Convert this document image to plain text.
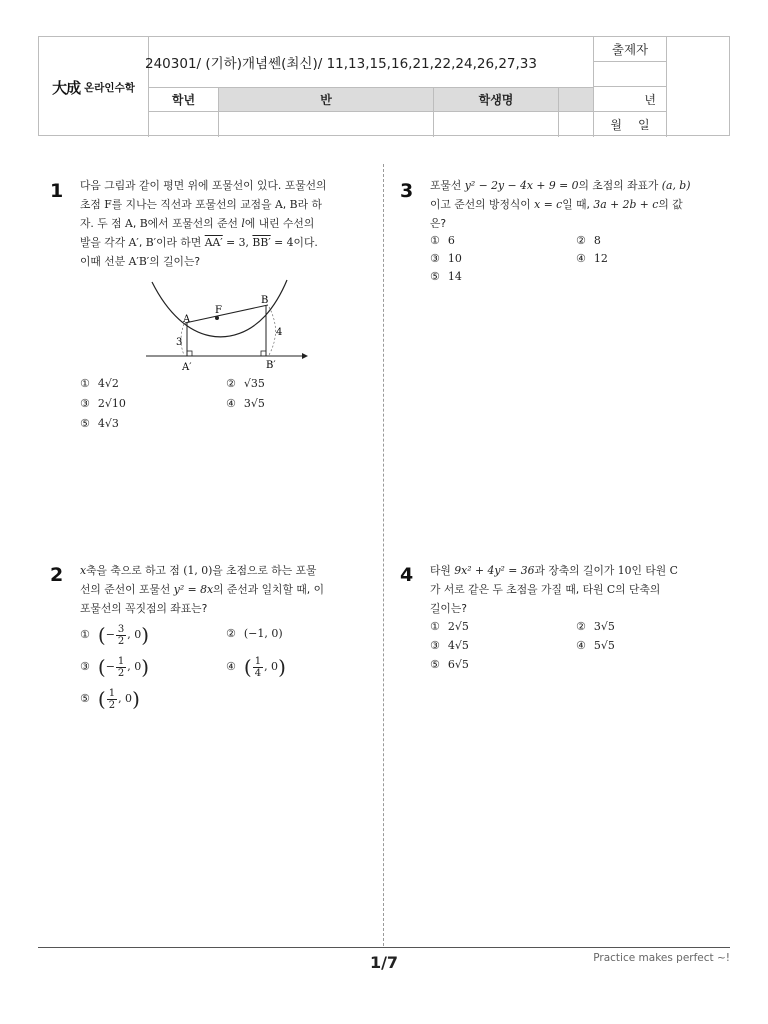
大成 온라인수학
240301/ (기하)개념쎈(최신)/ 11,13,15,16,21,22,24,26,27,33
학년	반	학생명
출제자
년
월 일
1 다음 그림과 같이 평면 위에 포물선이 있다. 포물선의
초점 F를 지나는 직선과 포물선의 교점을 A, B라 하
자. 두 점 A, B에서 포물선의 준선 l에 내린 수선의
발을 각각 A′, B′이라 하면 AA′ = 3, BB′ = 4이다.
이때 선분 A′B′의 길이는?
A
F
B
A′	B′
3
4
① 4√2	② √35
③ 2√10	④ 3√5
⑤ 4√3
2 x축을 축으로 하고 점 (1, 0)을 초점으로 하는 포물
선의 준선이 포물선 y² = 8x의 준선과 일치할 때, 이
포물선의 꼭짓점의 좌표는?
① (− $\frac{3}{2}$ , 0)	② (−1, 0)
③ (− $\frac{1}{2}$ , 0)	④ ( $\frac{1}{4}$ , 0)
⑤ ( $\frac{1}{2}$ , 0)
3 포물선 y² − 2y − 4x + 9 = 0의 초점의 좌표가 (a, b)
이고 준선의 방정식이 x = c일 때, 3a + 2b + c의 값
은?
① 6	② 8
③ 10	④ 12
⑤ 14
4 타원 9x² + 4y² = 36과 장축의 길이가 10인 타원 C
가 서로 같은 두 초점을 가질 때, 타원 C의 단축의
길이는?
① 2√5	② 3√5
③ 4√5	④ 5√5
⑤ 6√5
1/7	Practice makes perfect ~!
